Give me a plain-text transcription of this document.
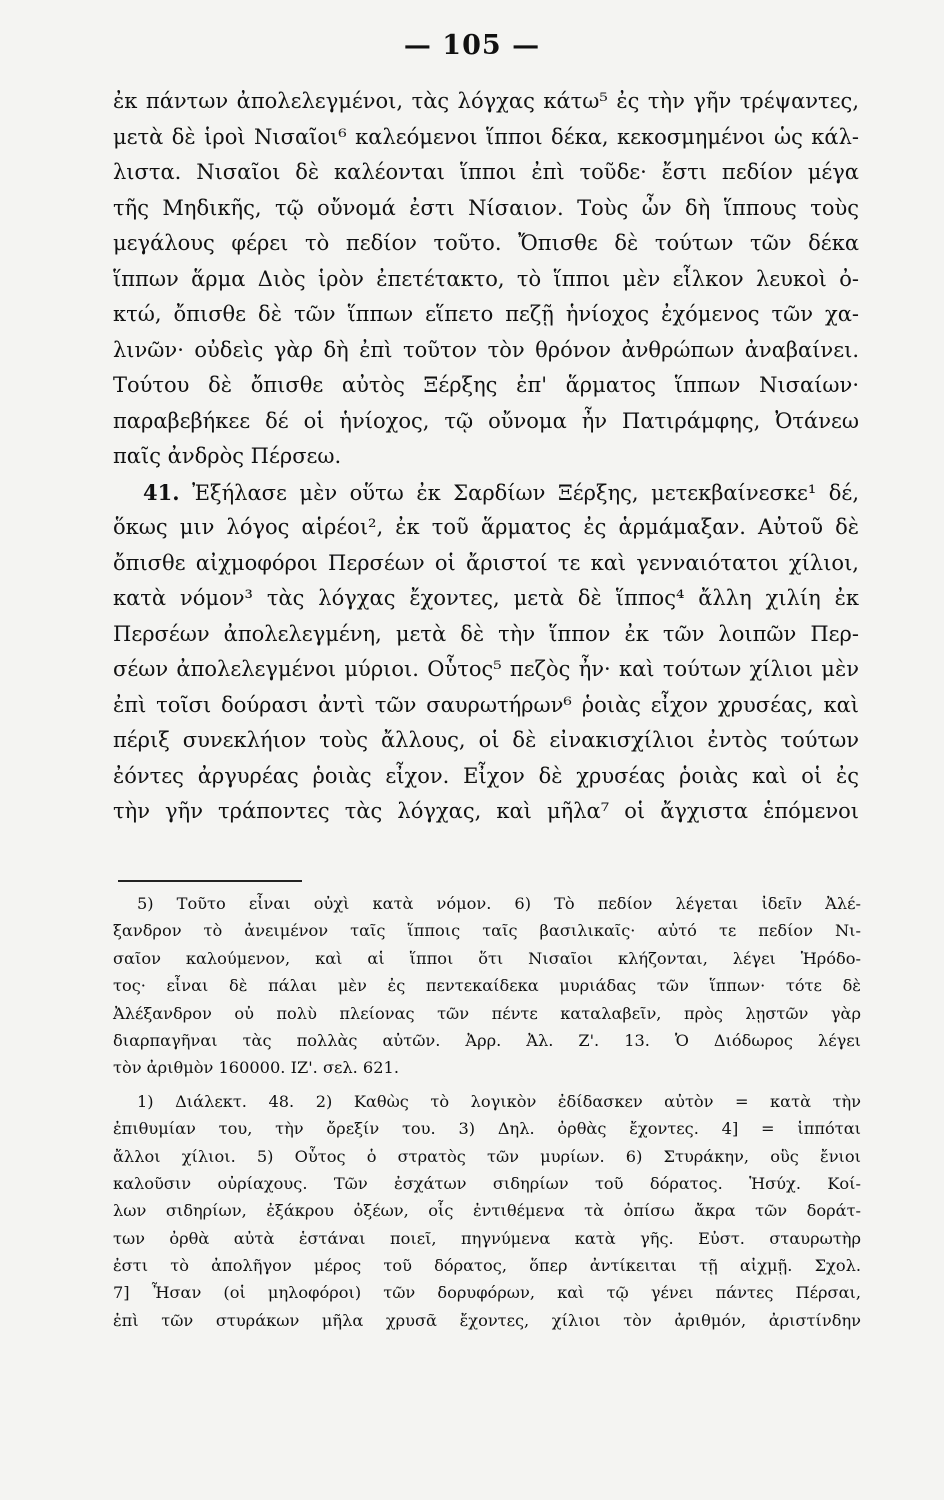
— 105 —
ἐκ πάντων ἀπολελεγμένοι, τὰς λόγχας κάτω⁵ ἐς τὴν γῆν τρέψαντες,
μετὰ δὲ ἱροὶ Νισαῖοι⁶ καλεόμενοι ἵπποι δέκα, κεκοσμημένοι ὡς κάλ-
λιστα. Νισαῖοι δὲ καλέονται ἵπποι ἐπὶ τοῦδε· ἔστι πεδίον μέγα
τῆς Μηδικῆς, τῷ οὔνομά ἐστι Νίσαιον. Τοὺς ὦν δὴ ἵππους τοὺς
μεγάλους φέρει τὸ πεδίον τοῦτο. Ὄπισθε δὲ τούτων τῶν δέκα
ἵππων ἅρμα Διὸς ἱρὸν ἐπετέτακτο, τὸ ἵπποι μὲν εἷλκον λευκοὶ ὀ-
κτώ, ὄπισθε δὲ τῶν ἵππων εἵπετο πεζῇ ἡνίοχος ἐχόμενος τῶν χα-
λινῶν· οὐδεὶς γὰρ δὴ ἐπὶ τοῦτον τὸν θρόνον ἀνθρώπων ἀναβαίνει.
Τούτου δὲ ὄπισθε αὐτὸς Ξέρξης ἐπ' ἅρματος ἵππων Νισαίων·
παραβεβήκεε δέ οἱ ἡνίοχος, τῷ οὔνομα ἦν Πατιράμφης, Ὀτάνεω
παῖς ἀνδρὸς Πέρσεω.
41. Ἐξήλασε μὲν οὕτω ἐκ Σαρδίων Ξέρξης, μετεκβαίνεσκε¹ δέ,
ὅκως μιν λόγος αἱρέοι², ἐκ τοῦ ἅρματος ἐς ἁρμάμαξαν. Αὐτοῦ δὲ
ὄπισθε αἰχμοφόροι Περσέων οἱ ἄριστοί τε καὶ γενναιότατοι χίλιοι,
κατὰ νόμον³ τὰς λόγχας ἔχοντες, μετὰ δὲ ἵππος⁴ ἄλλη χιλίη ἐκ
Περσέων ἀπολελεγμένη, μετὰ δὲ τὴν ἵππον ἐκ τῶν λοιπῶν Περ-
σέων ἀπολελεγμένοι μύριοι. Οὗτος⁵ πεζὸς ἦν· καὶ τούτων χίλιοι μὲν
ἐπὶ τοῖσι δούρασι ἀντὶ τῶν σαυρωτήρων⁶ ῥοιὰς εἶχον χρυσέας, καὶ
πέριξ συνεκλήιον τοὺς ἄλλους, οἱ δὲ εἰνακισχίλιοι ἐντὸς τούτων
ἐόντες ἀργυρέας ῥοιὰς εἶχον. Εἶχον δὲ χρυσέας ῥοιὰς καὶ οἱ ἐς
τὴν γῆν τράποντες τὰς λόγχας, καὶ μῆλα⁷ οἱ ἄγχιστα ἑπόμενοι
5) Τοῦτο εἶναι οὐχὶ κατὰ νόμον. 6) Τὸ πεδίον λέγεται ἰδεῖν Ἀλέ-
ξανδρον τὸ ἀνειμένον ταῖς ἵπποις ταῖς βασιλικαῖς· αὐτό τε πεδίον Νι-
σαῖον καλούμενον, καὶ αἱ ἵπποι ὅτι Νισαῖοι κλήζονται, λέγει Ἡρόδο-
τος· εἶναι δὲ πάλαι μὲν ἐς πεντεκαίδεκα μυριάδας τῶν ἵππων· τότε δὲ
Ἀλέξανδρον οὐ πολὺ πλείονας τῶν πέντε καταλαβεῖν, πρὸς λῃστῶν γὰρ
διαρπαγῆναι τὰς πολλὰς αὐτῶν. Ἀρρ. Ἀλ. Ζ'. 13. Ὁ Διόδωρος λέγει
τὸν ἀριθμὸν 160000. ΙΖ'. σελ. 621.
1) Διάλεκτ. 48. 2) Καθὼς τὸ λογικὸν ἐδίδασκεν αὐτὸν = κατὰ τὴν
ἐπιθυμίαν του, τὴν ὄρεξίν του. 3) Δηλ. ὀρθὰς ἔχοντες. 4] = ἱππόται
ἄλλοι χίλιοι. 5) Οὗτος ὁ στρατὸς τῶν μυρίων. 6) Στυράκην, οὓς ἔνιοι
καλοῦσιν οὐρίαχους. Τῶν ἐσχάτων σιδηρίων τοῦ δόρατος. Ἡσύχ. Κοί-
λων σιδηρίων, ἐξάκρου ὀξέων, οἷς ἐντιθέμενα τὰ ὀπίσω ἄκρα τῶν δοράτ-
των ὀρθὰ αὐτὰ ἑστάναι ποιεῖ, πηγνύμενα κατὰ γῆς. Εὐστ. σταυρωτὴρ
ἐστι τὸ ἀπολῆγον μέρος τοῦ δόρατος, ὅπερ ἀντίκειται τῇ αἰχμῇ. Σχολ.
7] Ἦσαν (οἱ μηλοφόροι) τῶν δορυφόρων, καὶ τῷ γένει πάντες Πέρσαι,
ἐπὶ τῶν στυράκων μῆλα χρυσᾶ ἔχοντες, χίλιοι τὸν ἀριθμόν, ἀριστίνδην
